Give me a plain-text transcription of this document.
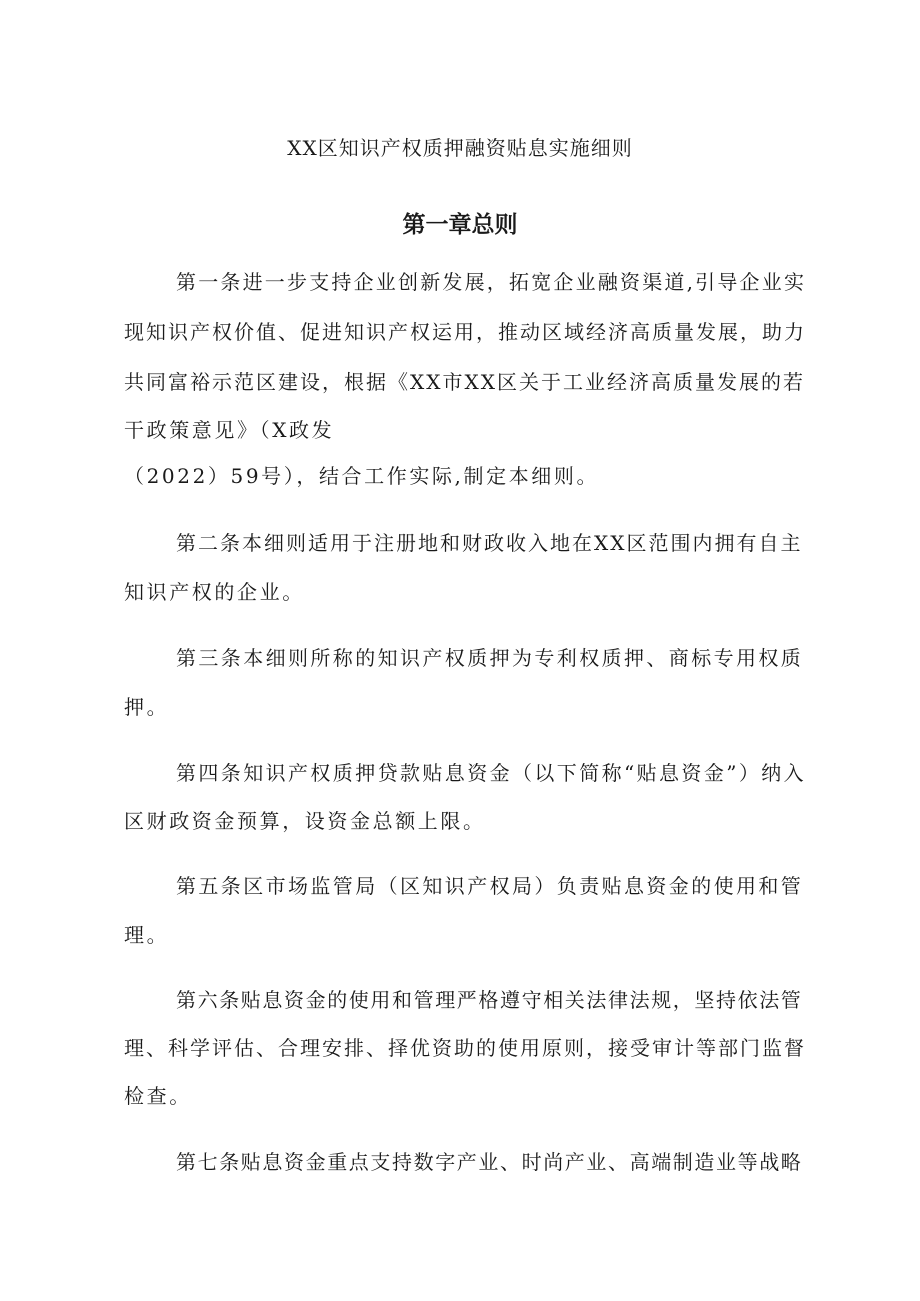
XX区知识产权质押融资贴息实施细则
第一章总则
第一条进一步支持企业创新发展，拓宽企业融资渠道,引导企业实
现知识产权价值、促进知识产权运用，推动区域经济高质量发展，助力
共同富裕示范区建设，根据《XX市XX区关于工业经济高质量发展的若
干政策意见》（X政发
（2022）59号），结合工作实际,制定本细则。
第二条本细则适用于注册地和财政收入地在XX区范围内拥有自主
知识产权的企业。
第三条本细则所称的知识产权质押为专利权质押、商标专用权质
押。
第四条知识产权质押贷款贴息资金（以下简称“贴息资金”）纳入
区财政资金预算，设资金总额上限。
第五条区市场监管局（区知识产权局）负责贴息资金的使用和管
理。
第六条贴息资金的使用和管理严格遵守相关法律法规，坚持依法管
理、科学评估、合理安排、择优资助的使用原则，接受审计等部门监督
检查。
第七条贴息资金重点支持数字产业、时尚产业、高端制造业等战略
